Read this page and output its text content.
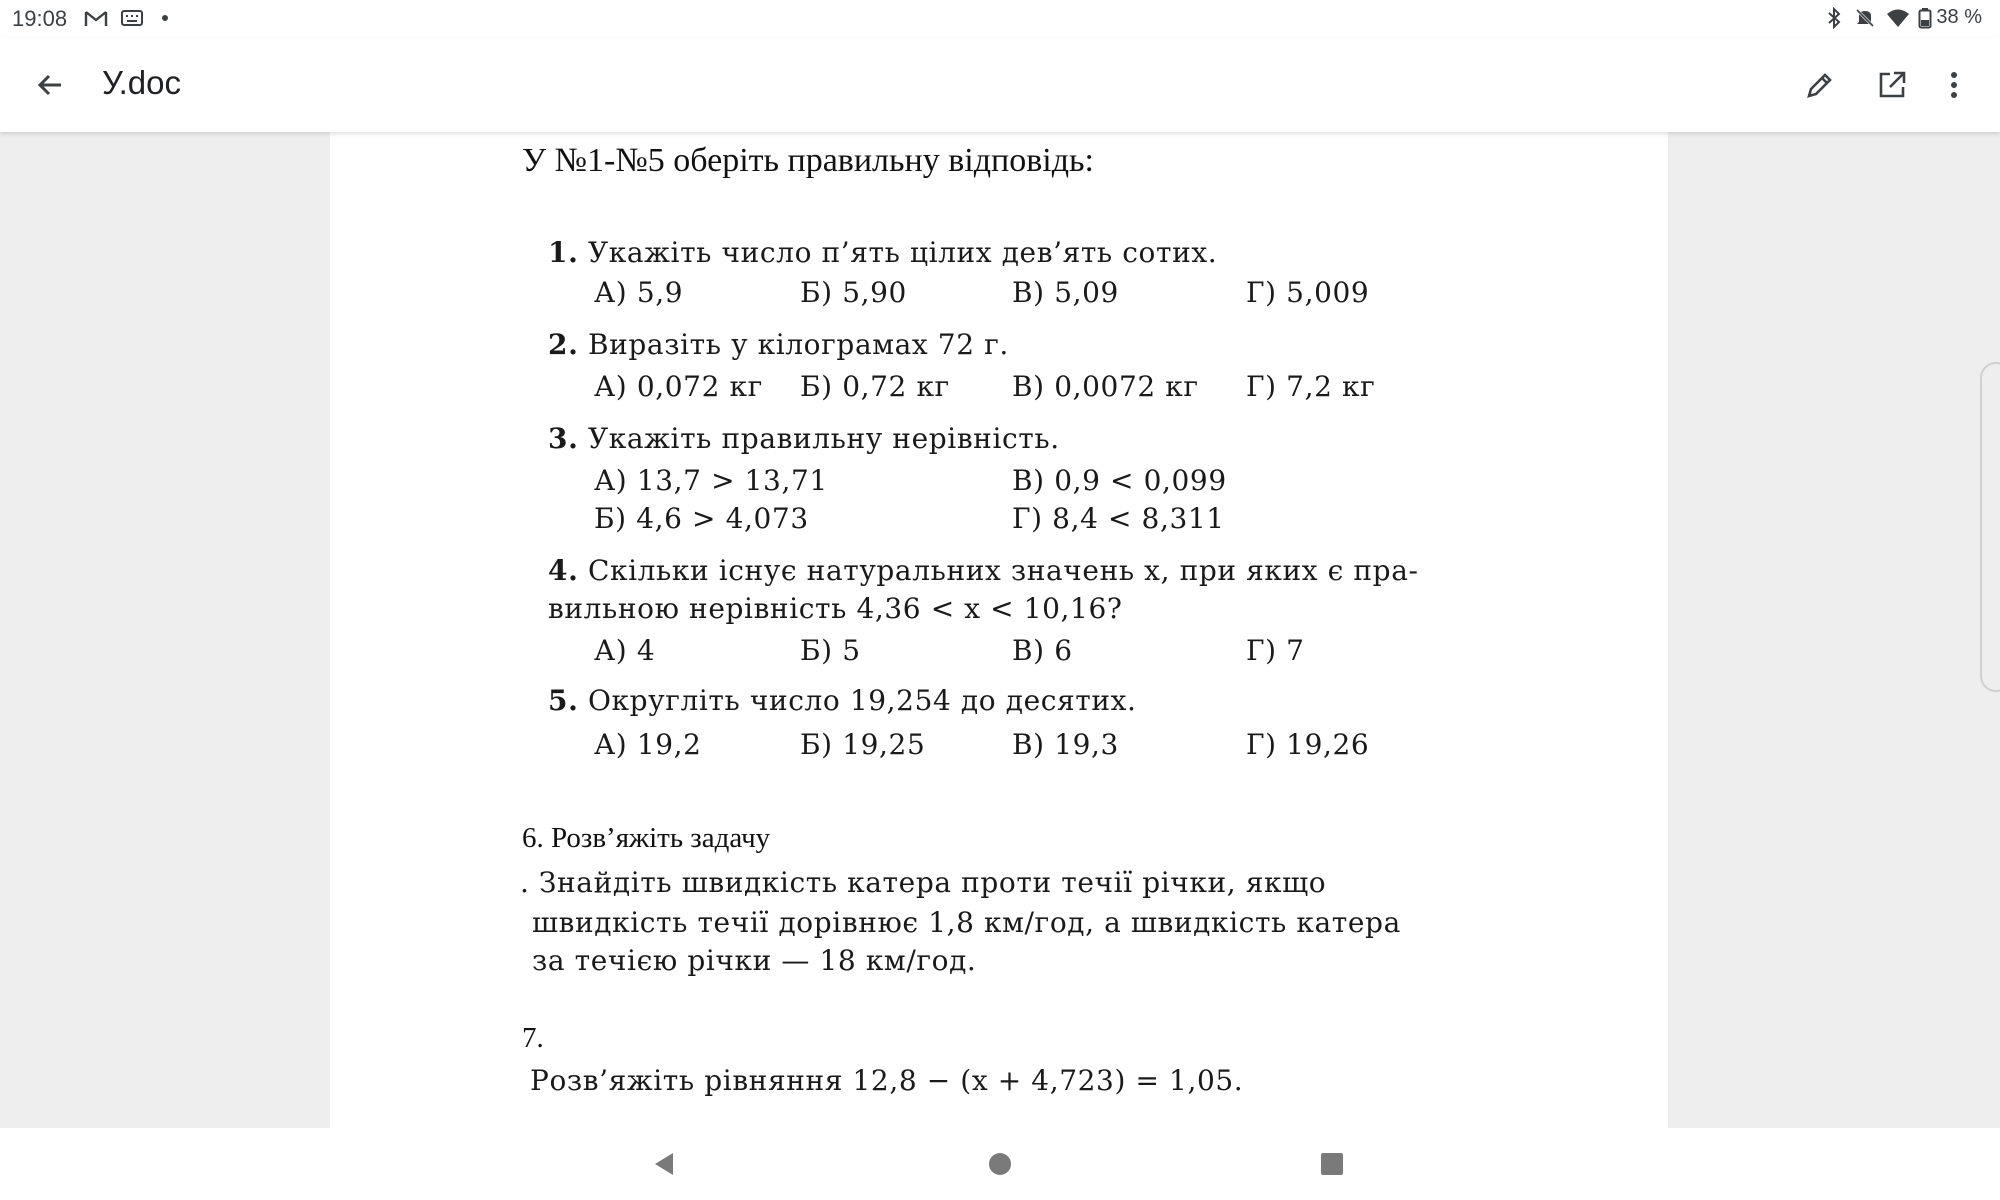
19:08	38 %
У.doc
У №1-№5 оберіть правильну відповідь:
1. Укажіть число п’ять цілих дев’ять сотих.
А) 5,9	Б) 5,90	В) 5,09	Г) 5,009
2. Виразіть у кілограмах 72 г.
А) 0,072 кг Б) 0,72 кг В) 0,0072 кг Г) 7,2 кг
3. Укажіть правильну нерівність.
А) 13,7 > 13,71	В) 0,9 < 0,099
Б) 4,6 > 4,073	Г) 8,4 < 8,311
4. Скільки існує натуральних значень x, при яких є пра-
вильною нерівність 4,36 < x < 10,16?
А) 4	Б) 5	В) 6	Г) 7
5. Округліть число 19,254 до десятих.
А) 19,2	Б) 19,25	В) 19,3	Г) 19,26
6. Розв’яжіть задачу
. Знайдіть швидкість катера проти течії річки, якщо
швидкість течії дорівнює 1,8 км/год, а швидкість катера
за течією річки — 18 км/год.
7.
Розв’яжіть рівняння 12,8 − (x + 4,723) = 1,05.
